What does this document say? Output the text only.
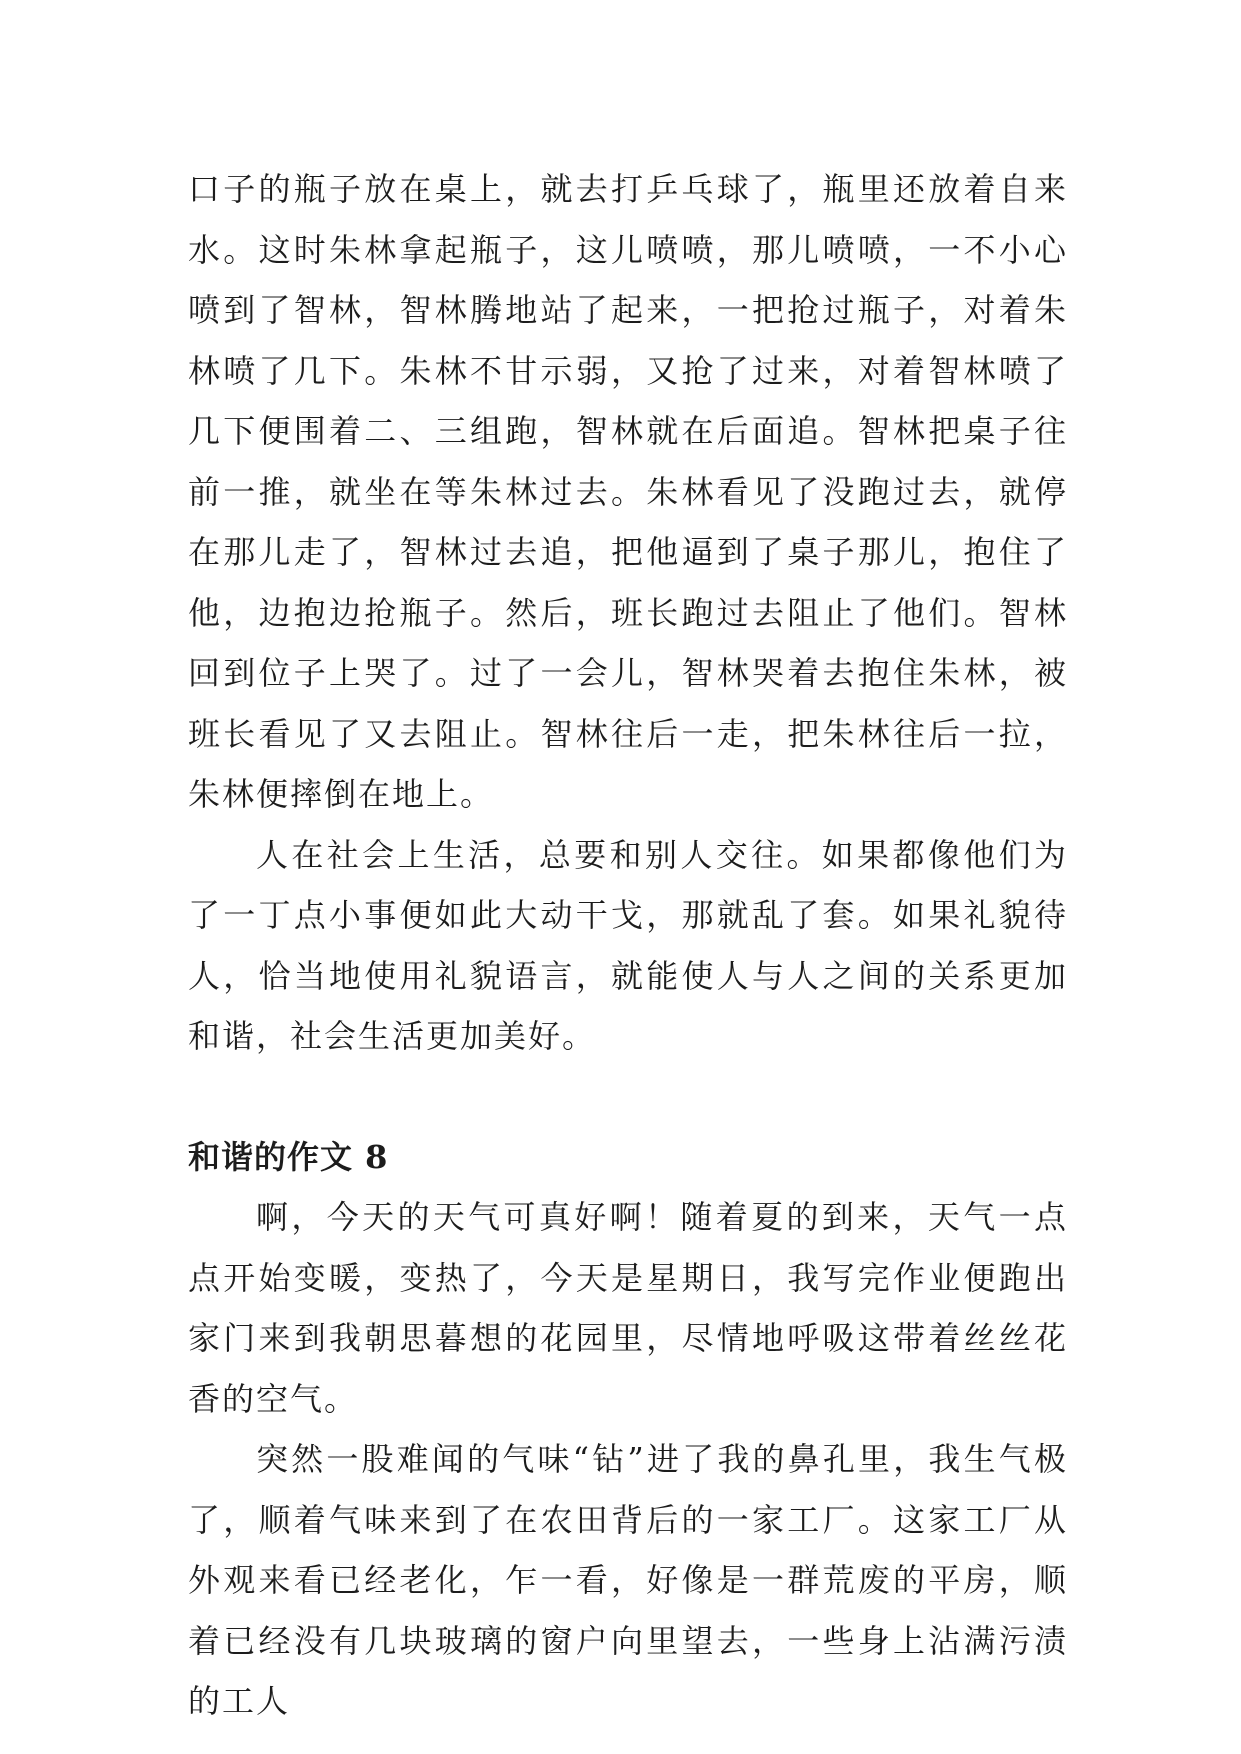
口子的瓶子放在桌上，就去打乒乓球了，瓶里还放着自来水。这时朱林拿起瓶子，这儿喷喷，那儿喷喷，一不小心喷到了智林，智林腾地站了起来，一把抢过瓶子，对着朱林喷了几下。朱林不甘示弱，又抢了过来，对着智林喷了几下便围着二、三组跑，智林就在后面追。智林把桌子往前一推，就坐在等朱林过去。朱林看见了没跑过去，就停在那儿走了，智林过去追，把他逼到了桌子那儿，抱住了他，边抱边抢瓶子。然后，班长跑过去阻止了他们。智林回到位子上哭了。过了一会儿，智林哭着去抱住朱林，被班长看见了又去阻止。智林往后一走，把朱林往后一拉，朱林便摔倒在地上。

人在社会上生活，总要和别人交往。如果都像他们为了一丁点小事便如此大动干戈，那就乱了套。如果礼貌待人，恰当地使用礼貌语言，就能使人与人之间的关系更加和谐，社会生活更加美好。

和谐的作文 8

啊，今天的天气可真好啊！随着夏的到来，天气一点点开始变暖，变热了，今天是星期日，我写完作业便跑出家门来到我朝思暮想的花园里，尽情地呼吸这带着丝丝花香的空气。

突然一股难闻的气味“钻”进了我的鼻孔里，我生气极了，顺着气味来到了在农田背后的一家工厂。这家工厂从外观来看已经老化，乍一看，好像是一群荒废的平房，顺着已经没有几块玻璃的窗户向里望去，一些身上沾满污渍的工人
